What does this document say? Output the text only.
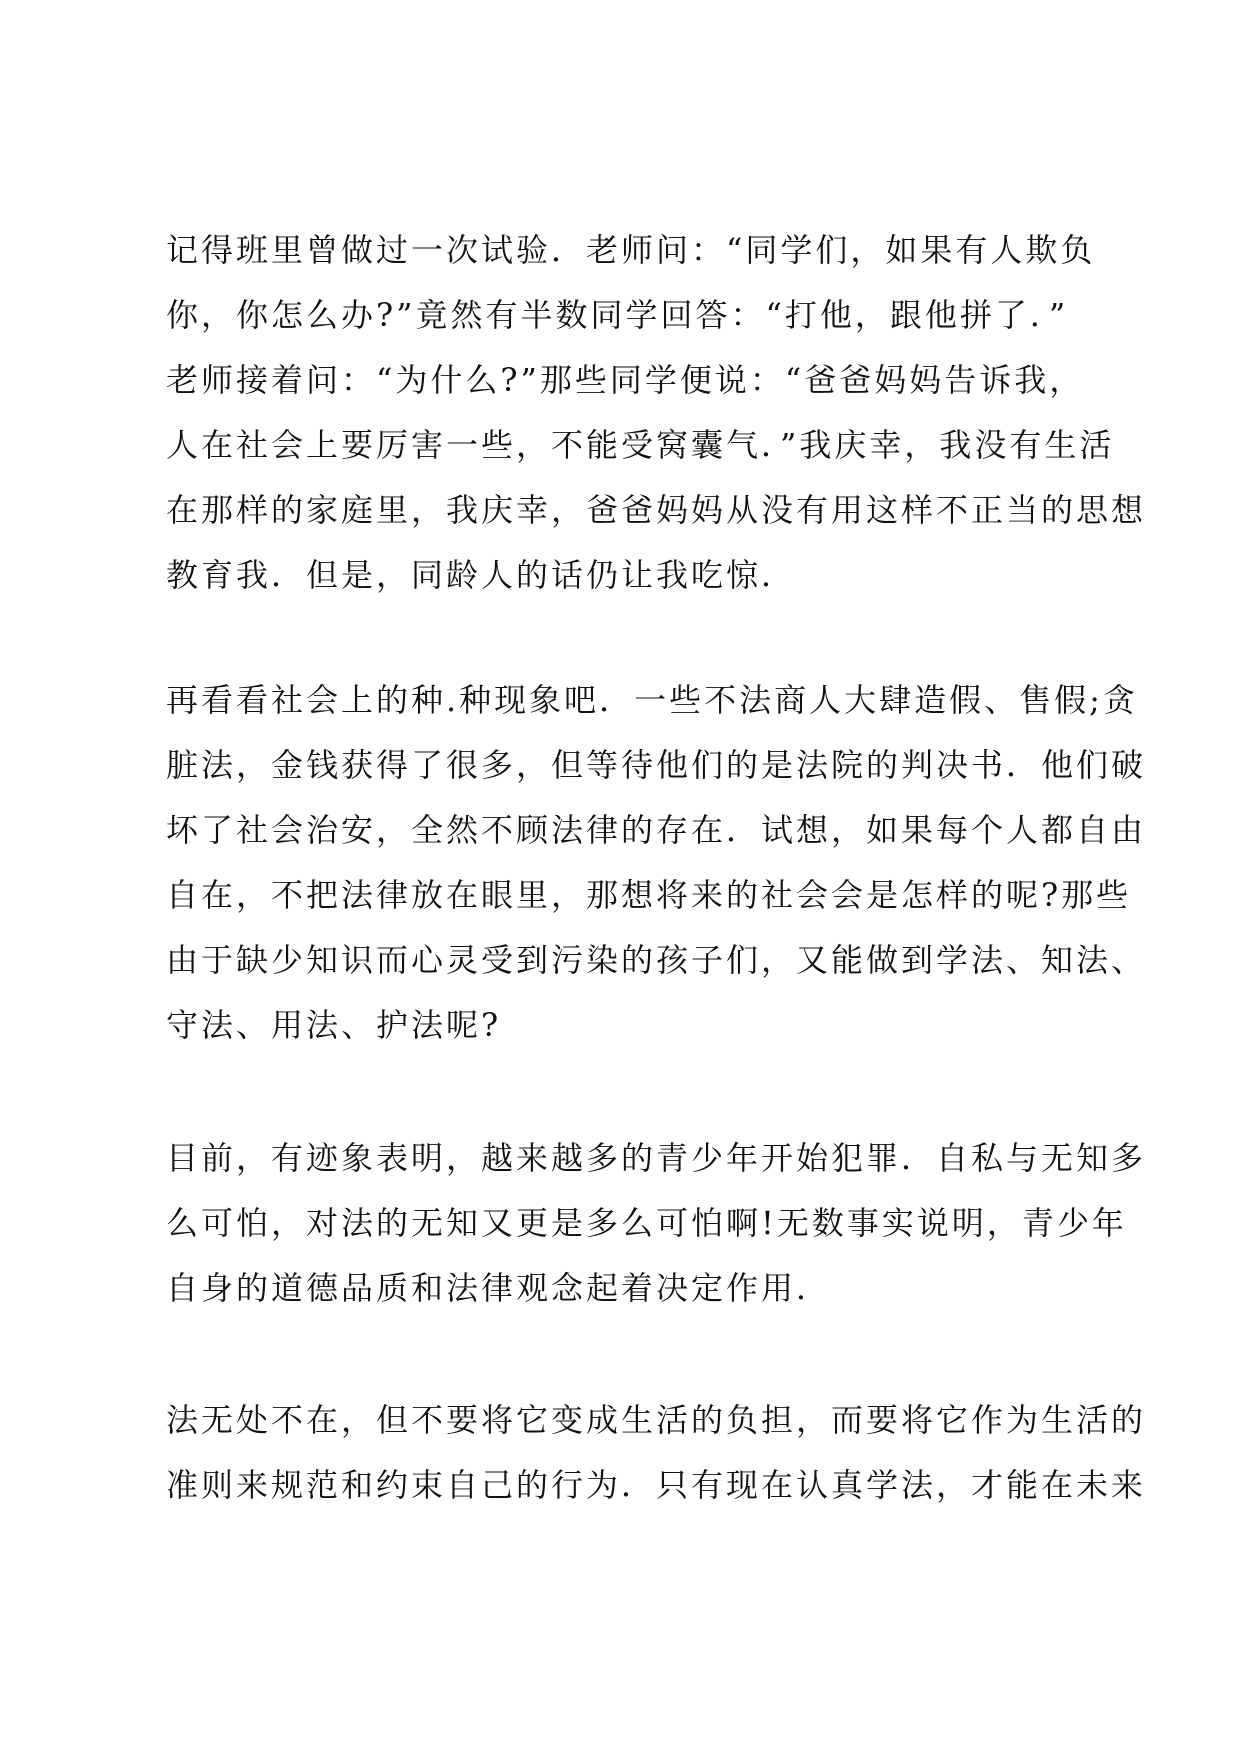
记得班里曾做过一次试验．老师问：“同学们，如果有人欺负
你，你怎么办?”竟然有半数同学回答：“打他，跟他拼了．”
老师接着问：“为什么?”那些同学便说：“爸爸妈妈告诉我，
人在社会上要厉害一些，不能受窝囊气．”我庆幸，我没有生活
在那样的家庭里，我庆幸，爸爸妈妈从没有用这样不正当的思想
教育我．但是，同龄人的话仍让我吃惊．
再看看社会上的种.种现象吧．一些不法商人大肆造假、售假;贪
脏法，金钱获得了很多，但等待他们的是法院的判决书．他们破
坏了社会治安，全然不顾法律的存在．试想，如果每个人都自由
自在，不把法律放在眼里，那想将来的社会会是怎样的呢?那些
由于缺少知识而心灵受到污染的孩子们，又能做到学法、知法、
守法、用法、护法呢?
目前，有迹象表明，越来越多的青少年开始犯罪．自私与无知多
么可怕，对法的无知又更是多么可怕啊!无数事实说明，青少年
自身的道德品质和法律观念起着决定作用．
法无处不在，但不要将它变成生活的负担，而要将它作为生活的
准则来规范和约束自己的行为．只有现在认真学法，才能在未来
